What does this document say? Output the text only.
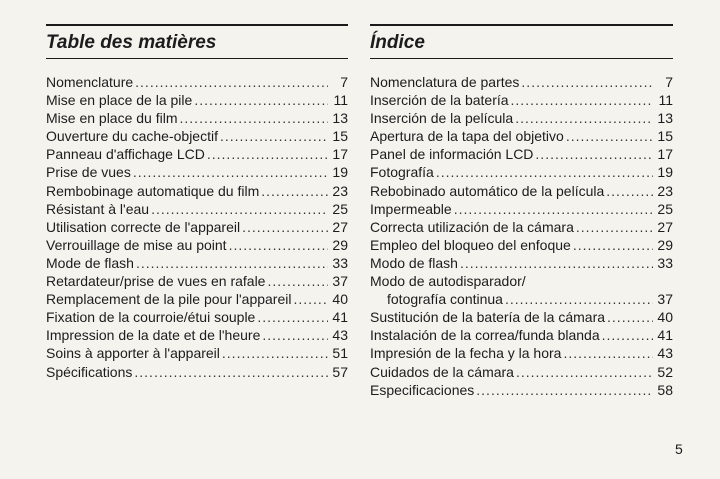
Table des matières
Nomenclature .....	7
Mise en place de la pile .....	11
Mise en place du film .....	13
Ouverture du cache-objectif .....	15
Panneau d'affichage LCD .....	17
Prise de vues .....	19
Rembobinage automatique du film .....	23
Résistant à l'eau .....	25
Utilisation correcte de l'appareil .....	27
Verrouillage de mise au point .....	29
Mode de flash .....	33
Retardateur/prise de vues en rafale .....	37
Remplacement de la pile pour l'appareil .....	40
Fixation de la courroie/étui souple .....	41
Impression de la date et de l'heure .....	43
Soins à apporter à l'appareil .....	51
Spécifications .....	57
Índice
Nomenclatura de partes .....	7
Inserción de la batería .....	11
Inserción de la película .....	13
Apertura de la tapa del objetivo .....	15
Panel de información LCD .....	17
Fotografía .....	19
Rebobinado automático de la película .....	23
Impermeable .....	25
Correcta utilización de la cámara .....	27
Empleo del bloqueo del enfoque .....	29
Modo de flash .....	33
Modo de autodisparador/
fotografía continua .....	37
Sustitución de la batería de la cámara .....	40
Instalación de la correa/funda blanda .....	41
Impresión de la fecha y la hora .....	43
Cuidados de la cámara .....	52
Especificaciones .....	58
5
